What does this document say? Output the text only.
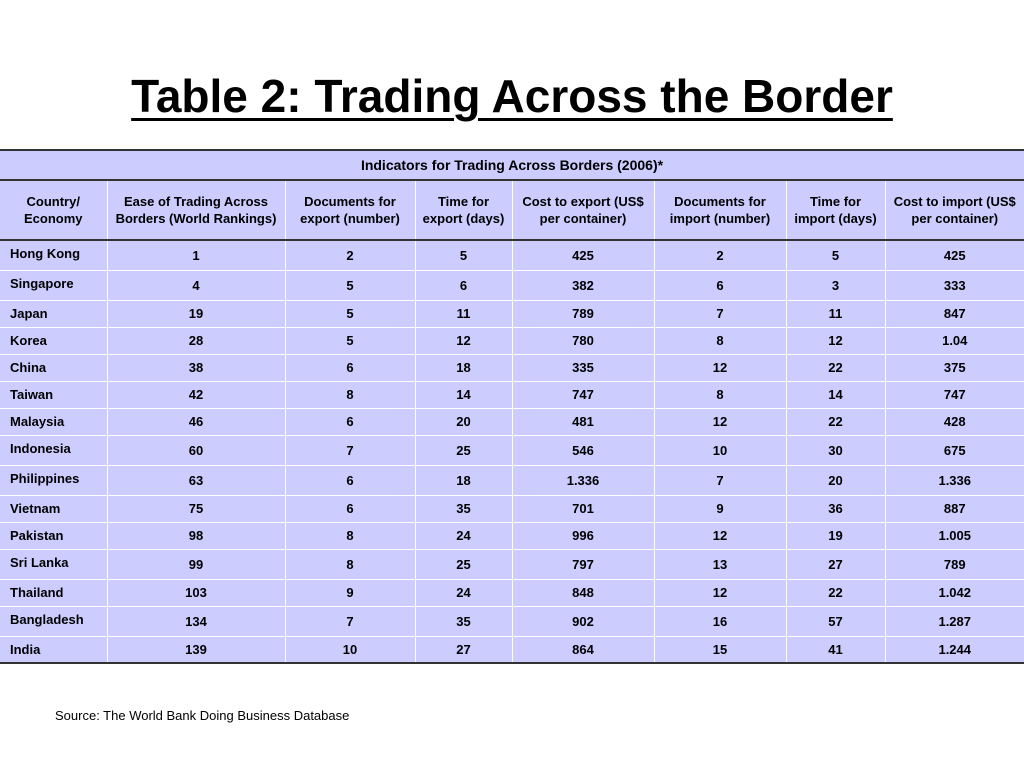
Table 2: Trading Across the Border
Indicators for Trading Across Borders (2006)*							
Country/ Economy	Ease of Trading Across Borders (World Rankings)	Documents for export (number)	Time for export (days)	Cost to export (US$ per container)	Documents for import (number)	Time for import (days)	Cost to import (US$ per container)
Hong Kong	1	2	5	425	2	5	425
Singapore	4	5	6	382	6	3	333
Japan	19	5	11	789	7	11	847
Korea	28	5	12	780	8	12	1.04
China	38	6	18	335	12	22	375
Taiwan	42	8	14	747	8	14	747
Malaysia	46	6	20	481	12	22	428
Indonesia	60	7	25	546	10	30	675
Philippines	63	6	18	1.336	7	20	1.336
Vietnam	75	6	35	701	9	36	887
Pakistan	98	8	24	996	12	19	1.005
Sri Lanka	99	8	25	797	13	27	789
Thailand	103	9	24	848	12	22	1.042
Bangladesh	134	7	35	902	16	57	1.287
India	139	10	27	864	15	41	1.244
Source: The World Bank Doing Business Database
